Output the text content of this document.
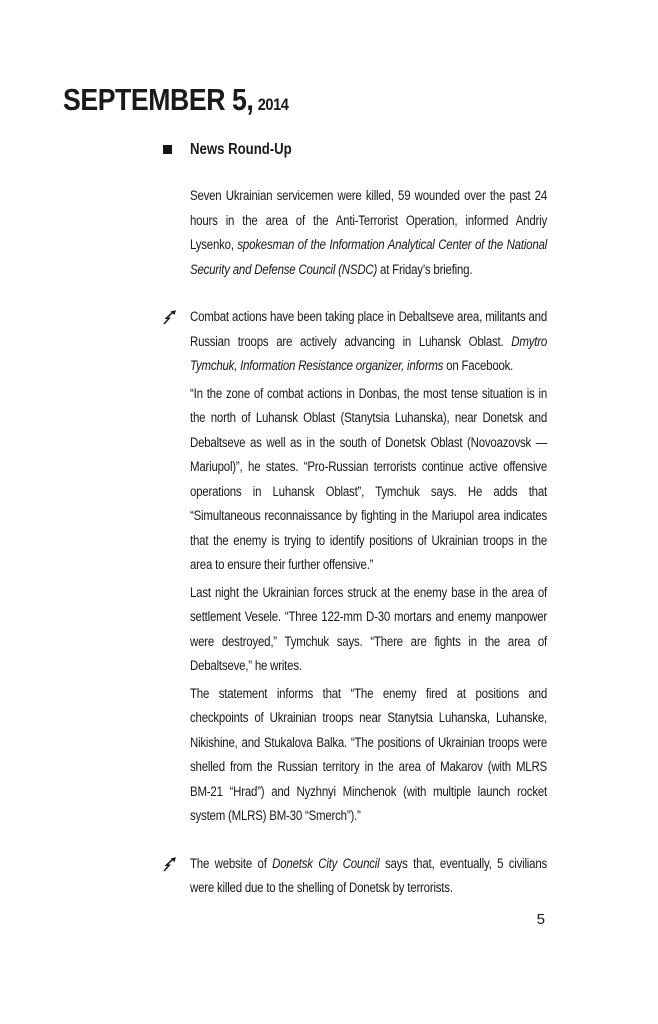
SEPTEMBER 5, 2014
News Round-Up

Seven Ukrainian servicemen were killed, 59 wounded over the past 24 hours in the area of the Anti-Terrorist Operation, informed Andriy Lysenko, spokesman of the Information Analytical Center of the National Security and Defense Council (NSDC) at Friday’s briefing.

Combat actions have been taking place in Debaltseve area, militants and Russian troops are actively advancing in Luhansk Oblast. Dmytro Tymchuk, Information Resistance organizer, informs on Facebook.

“In the zone of combat actions in Donbas, the most tense situation is in the north of Luhansk Oblast (Stanytsia Luhanska), near Donetsk and Debaltseve as well as in the south of Donetsk Oblast (Novoazovsk — Mariupol)”, he states. “Pro-Russian terrorists continue active offensive operations in Luhansk Oblast”, Tymchuk says. He adds that “Simultaneous reconnaissance by fighting in the Mariupol area indicates that the enemy is trying to identify positions of Ukrainian troops in the area to ensure their further offensive.”

Last night the Ukrainian forces struck at the enemy base in the area of settlement Vesele. “Three 122-mm D-30 mortars and enemy manpower were destroyed,” Tymchuk says. “There are fights in the area of Debaltseve,” he writes.

The statement informs that “The enemy fired at positions and checkpoints of Ukrainian troops near Stanytsia Luhanska, Luhanske, Nikishine, and Stukalova Balka. “The positions of Ukrainian troops were shelled from the Russian territory in the area of Makarov (with MLRS BM-21 “Hrad”) and Nyzhnyi Minchenok (with multiple launch rocket system (MLRS) BM-30 “Smerch”).”

The website of Donetsk City Council says that, eventually, 5 civilians were killed due to the shelling of Donetsk by terrorists.

5
